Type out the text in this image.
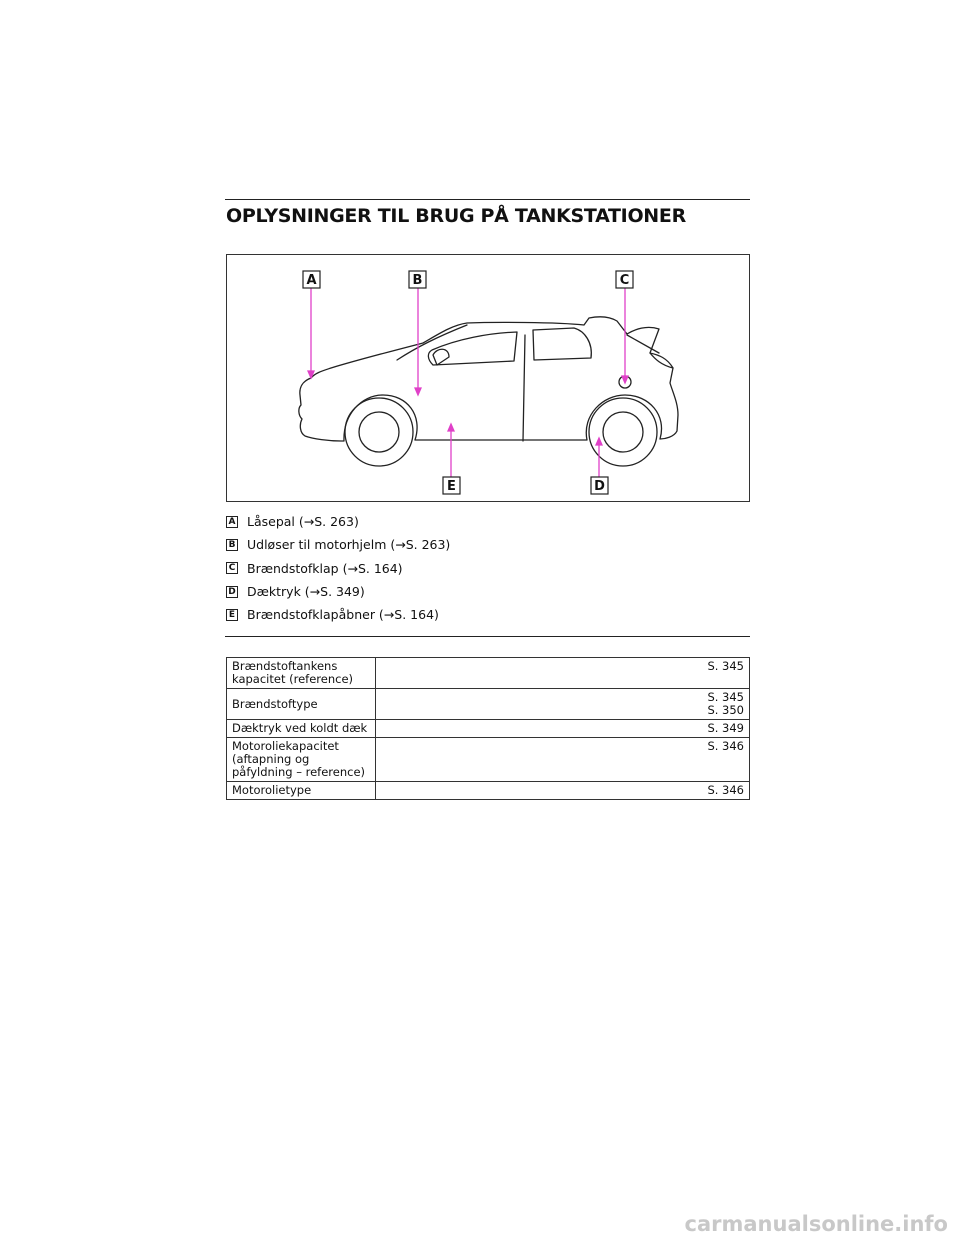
OPLYSNINGER TIL BRUG PÅ TANKSTATIONER
A	B	C
D
E
A Låsepal (→S. 263)
B Udløser til motorhjelm (→S. 263)
C Brændstofklap (→S. 164)
D Dæktryk (→S. 349)
E Brændstofklapåbner (→S. 164)
Brændstoftankens kapacitet (reference)	S. 345
Brændstoftype	S. 345
S. 350

Dæktryk ved koldt dæk	S. 349
Motoroliekapacitet (aftapning og påfyldning – reference)	S. 346
Motorolietype	S. 346
carmanualsonline.info
